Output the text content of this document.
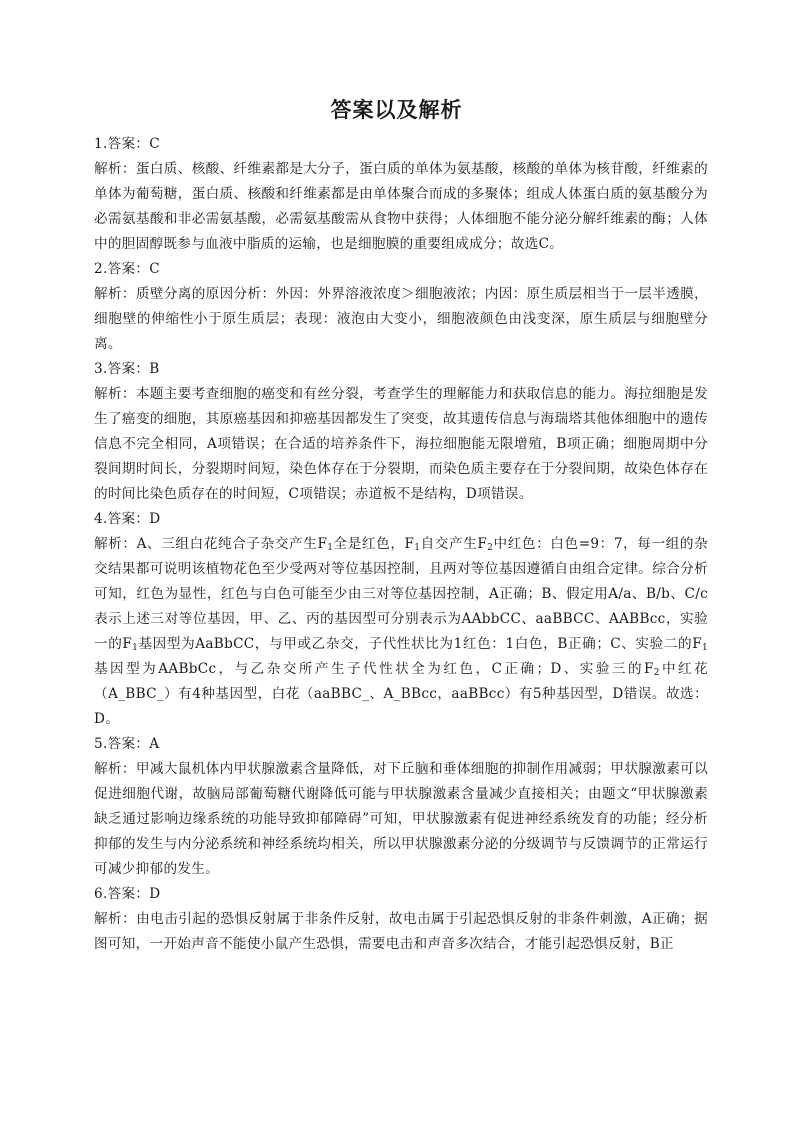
答案以及解析

1.答案：C

解析：蛋白质、核酸、纤维素都是大分子，蛋白质的单体为氨基酸，核酸的单体为核苷酸，纤维素的单体为葡萄糖，蛋白质、核酸和纤维素都是由单体聚合而成的多聚体；组成人体蛋白质的氨基酸分为必需氨基酸和非必需氨基酸，必需氨基酸需从食物中获得；人体细胞不能分泌分解纤维素的酶；人体中的胆固醇既参与血液中脂质的运输，也是细胞膜的重要组成成分；故选C。

2.答案：C

解析：质壁分离的原因分析：外因：外界溶液浓度＞细胞液浓；内因：原生质层相当于一层半透膜，细胞壁的伸缩性小于原生质层；表现：液泡由大变小，细胞液颜色由浅变深，原生质层与细胞壁分离。

3.答案：B

解析：本题主要考查细胞的癌变和有丝分裂，考查学生的理解能力和获取信息的能力。海拉细胞是发生了癌变的细胞，其原癌基因和抑癌基因都发生了突变，故其遗传信息与海瑞塔其他体细胞中的遗传信息不完全相同，A项错误；在合适的培养条件下，海拉细胞能无限增殖，B项正确；细胞周期中分裂间期时间长，分裂期时间短，染色体存在于分裂期，而染色质主要存在于分裂间期，故染色体存在的时间比染色质存在的时间短，C项错误；赤道板不是结构，D项错误。

4.答案：D

解析：A、三组白花纯合子杂交产生$F_1$全是红色，$F_1$自交产生$F_2$中红色：白色=9：7，每一组的杂交结果都可说明该植物花色至少受两对等位基因控制，且两对等位基因遵循自由组合定律。综合分析可知，红色为显性，红色与白色可能至少由三对等位基因控制，A正确；B、假定用A/a、B/b、C/c表示上述三对等位基因，甲、乙、丙的基因型可分别表示为AAbbCC、aaBBCC、AABBcc，实验一的$F_1$基因型为AaBbCC，与甲或乙杂交，子代性状比为1红色：1白色，B正确；C、实验二的$F_1$基因型为AABbCc，与乙杂交所产生子代性状全为红色，C正确；D、实验三的$F_2$中红花（A_BBC_）有4种基因型，白花（aaBBC_、A_BBcc，aaBBcc）有5种基因型，D错误。故选：D。

5.答案：A

解析：甲减大鼠机体内甲状腺激素含量降低，对下丘脑和垂体细胞的抑制作用减弱；甲状腺激素可以促进细胞代谢，故脑局部葡萄糖代谢降低可能与甲状腺激素含量减少直接相关；由题文“甲状腺激素缺乏通过影响边缘系统的功能导致抑郁障碍”可知，甲状腺激素有促进神经系统发育的功能；经分析抑郁的发生与内分泌系统和神经系统均相关，所以甲状腺激素分泌的分级调节与反馈调节的正常运行可减少抑郁的发生。

6.答案：D

解析：由电击引起的恐惧反射属于非条件反射，故电击属于引起恐惧反射的非条件刺激，A正确；据图可知，一开始声音不能使小鼠产生恐惧，需要电击和声音多次结合，才能引起恐惧反射，B正
